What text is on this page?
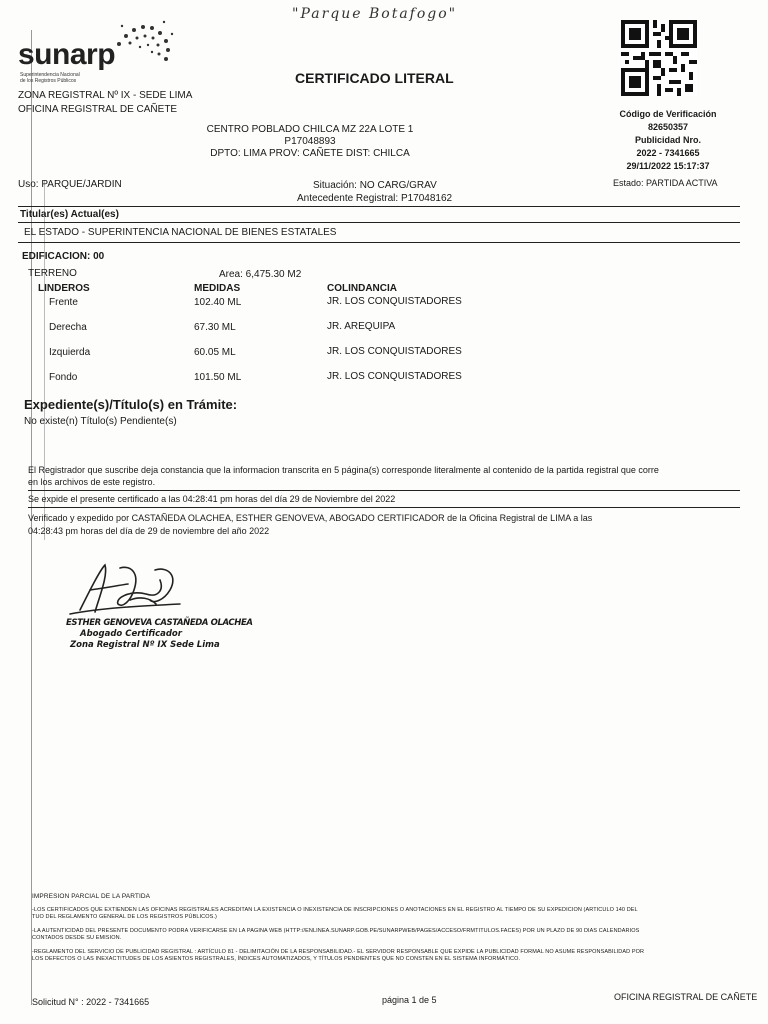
"Parque Botafogo"
sunarp
Superintendencia Nacional
de los Registros Públicos	CERTIFICADO LITERAL
ZONA REGISTRAL Nº IX - SEDE LIMA
OFICINA REGISTRAL DE CAÑETE	Código de Verificación
82650357
Publicidad Nro.
2022 - 7341665
29/11/2022 15:17:37
Estado: PARTIDA ACTIVA
CENTRO POBLADO CHILCA MZ 22A LOTE 1
P17048893
DPTO: LIMA PROV: CAÑETE DIST: CHILCA
Uso: PARQUE/JARDIN	Situación: NO CARG/GRAV
Antecedente Registral: P17048162
Titular(es) Actual(es)
EL ESTADO - SUPERINTENCIA NACIONAL DE BIENES ESTATALES
EDIFICACION: 00
TERRENO	Area: 6,475.30 M2
LINDEROS	MEDIDAS	COLINDANCIA
Frente	102.40 ML	JR. LOS CONQUISTADORES
Derecha	67.30 ML	JR. AREQUIPA
Izquierda	60.05 ML	JR. LOS CONQUISTADORES
Fondo	101.50 ML	JR. LOS CONQUISTADORES
Expediente(s)/Título(s) en Trámite:
No existe(n) Título(s) Pendiente(s)
El Registrador que suscribe deja constancia que la informacion transcrita en 5 página(s) corresponde literalmente al contenido de la partida registral que corre
en los archivos de este registro.
Se expide el presente certificado a las 04:28:41 pm horas del día 29 de Noviembre del 2022
Verificado y expedido por CASTAÑEDA OLACHEA, ESTHER GENOVEVA, ABOGADO CERTIFICADOR de la Oficina Registral de LIMA a las
04:28:43 pm horas del día de 29 de noviembre del año 2022
ESTHER GENOVEVA CASTAÑEDA OLACHEA
Abogado Certificador
Zona Registral Nº IX Sede Lima
IMPRESION PARCIAL DE LA PARTIDA
-LOS CERTIFICADOS QUE EXTIENDEN LAS OFICINAS REGISTRALES ACREDITAN LA EXISTENCIA O INEXISTENCIA DE INSCRIPCIONES O ANOTACIONES EN EL REGISTRO AL TIEMPO DE SU EXPEDICION (ARTICULO 140 DEL
TUO DEL REGLAMENTO GENERAL DE LOS REGISTROS PÚBLICOS.)
-LA AUTENTICIDAD DEL PRESENTE DOCUMENTO PODRA VERIFICARSE EN LA PAGINA WEB (HTTP://ENLINEA.SUNARP.GOB.PE/SUNARPWEB/PAGES/ACCESO/FRMTITULOS.FACES) POR UN PLAZO DE 90 DIAS CALENDARIOS
CONTADOS DESDE SU EMISION.
-REGLAMENTO DEL SERVICIO DE PUBLICIDAD REGISTRAL : ARTÍCULO 81 - DELIMITACIÓN DE LA RESPONSABILIDAD.- EL SERVIDOR RESPONSABLE QUE EXPIDE LA PUBLICIDAD FORMAL NO ASUME RESPONSABILIDAD POR
LOS DEFECTOS O LAS INEXACTITUDES DE LOS ASIENTOS REGISTRALES, ÍNDICES AUTOMATIZADOS, Y TÍTULOS PENDIENTES QUE NO CONSTEN EN EL SISTEMA INFORMÁTICO.
Solicitud N° : 2022 - 7341665	página 1 de 5	OFICINA REGISTRAL DE CAÑETE
